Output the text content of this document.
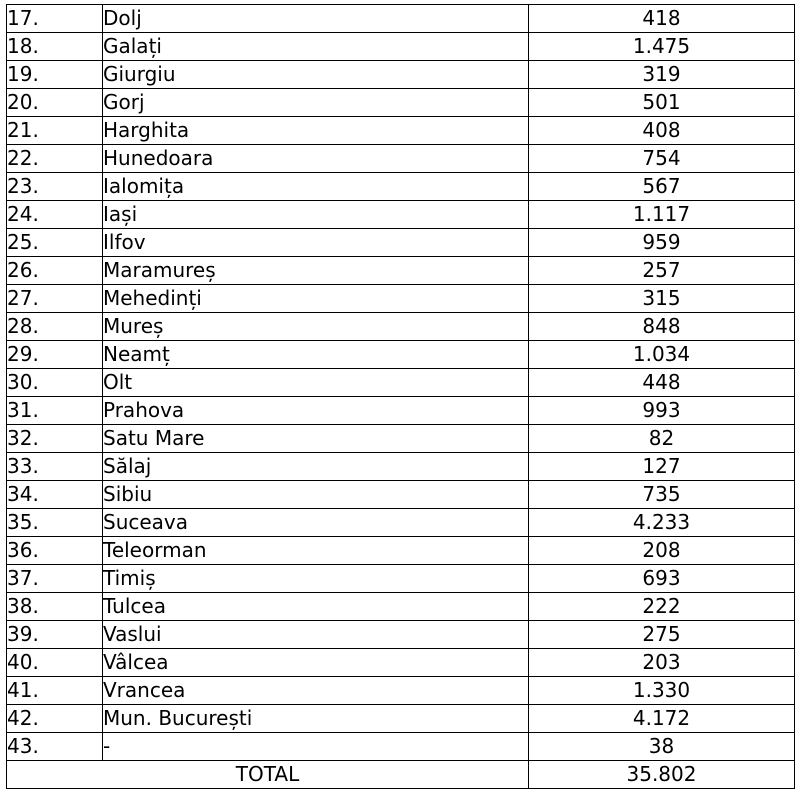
17.	Dolj	418
18.	Galați	1.475
19.	Giurgiu	319
20.	Gorj	501
21.	Harghita	408
22.	Hunedoara	754
23.	Ialomița	567
24.	Iași	1.117
25.	Ilfov	959
26.	Maramureș	257
27.	Mehedinți	315
28.	Mureș	848
29.	Neamț	1.034
30.	Olt	448
31.	Prahova	993
32.	Satu Mare	82
33.	Sălaj	127
34.	Sibiu	735
35.	Suceava	4.233
36.	Teleorman	208
37.	Timiș	693
38.	Tulcea	222
39.	Vaslui	275
40.	Vâlcea	203
41.	Vrancea	1.330
42.	Mun. București	4.172
43.	-	38
TOTAL		35.802
